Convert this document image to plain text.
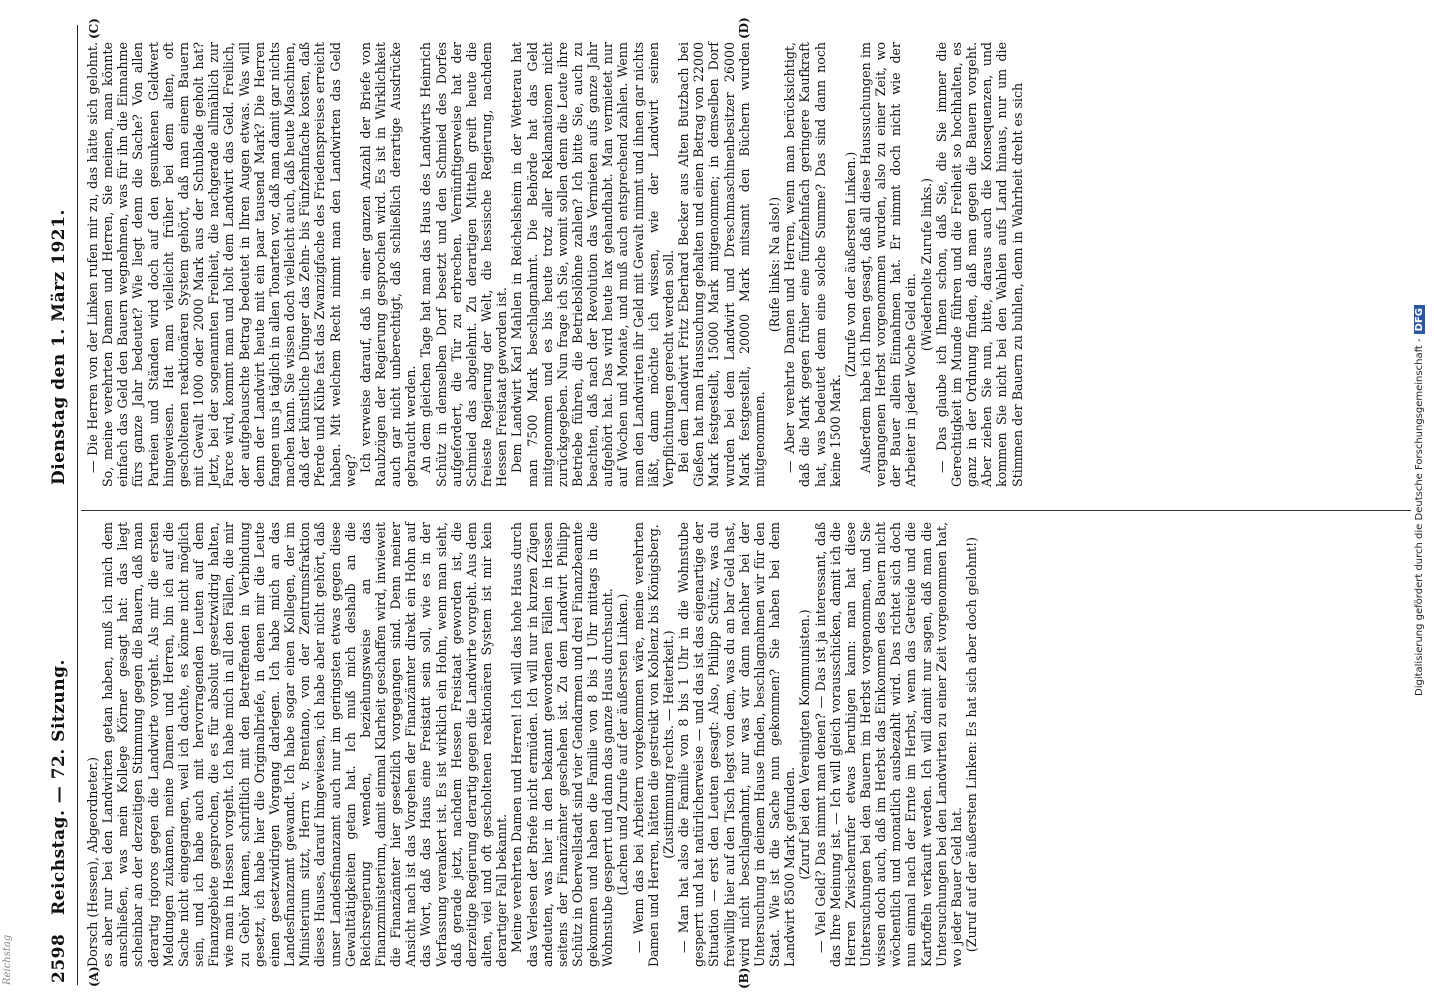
2598
Reichstag. — 72. Sitzung.
Dienstag den 1. März 1921.
(A)	(B)
(C)	(D)

Dorsch (Hessen), Abgeordneter.) es aber nur bei den Landwirten getan haben, muß ich mich dem anschließen, was mein Kollege Körner gesagt hat: das liegt scheinbar an der derzeitigen Stimmung gegen die Bauern, daß man derartig rigoros gegen die Landwirte vorgeht. Als mir die ersten Meldungen zukamen, meine Damen und Herren, bin ich auf die Sache nicht eingegangen, weil ich dachte, es könne nicht möglich sein, und ich habe auch mit hervorragenden Leuten auf dem Finanzgebiete gesprochen, die es für absolut gesetzwidrig halten, wie man in Hessen vorgeht. Ich habe mich in all den Fällen, die mir zu Gehör kamen, schriftlich mit den Betreffenden in Verbindung gesetzt, ich habe hier die Originalbriefe, in denen mir die Leute einen gesetzwidrigen Vorgang darlegen. Ich habe mich an das Landesfinanzamt gewandt. Ich habe sogar einen Kollegen, der im Ministerium sitzt, Herrn v. Brentano, von der Zentrumsfraktion dieses Hauses, darauf hingewiesen, ich habe aber nicht gehört, daß unser Landesfinanzamt auch nur im geringsten etwas gegen diese Gewalttätigkeiten getan hat. Ich muß mich deshalb an die Reichsregierung wenden, beziehungsweise an das Finanzministerium, damit einmal Klarheit geschaffen wird, inwieweit die Finanzämter hier gesetzlich vorgegangen sind. Denn meiner Ansicht nach ist das Vorgehen der Finanzämter direkt ein Hohn auf das Wort, daß das Haus eine Freistatt sein soll, wie es in der Verfassung verankert ist. Es ist wirklich ein Hohn, wenn man sieht, daß gerade jetzt, nachdem Hessen Freistaat geworden ist, die derzeitige Regierung derartig gegen die Landwirte vorgeht. Aus dem alten, viel und oft gescholtenen reaktionären System ist mir kein derartiger Fall bekannt. Meine verehrten Damen und Herren! Ich will das hohe Haus durch das Verlesen der Briefe nicht ermüden. Ich will nur in kurzen Zügen andeuten, was hier in den bekannt gewordenen Fällen in Hessen seitens der Finanzämter geschehen ist. Zu dem Landwirt Philipp Schütz in Oberwellstadt sind vier Gendarmen und drei Finanzbeamte gekommen und haben die Familie von 8 bis 1 Uhr mittags in die Wohnstube gesperrt und dann das ganze Haus durchsucht. (Lachen und Zurufe auf der äußersten Linken.) — Wenn das bei Arbeitern vorgekommen wäre, meine verehrten Damen und Herren, hätten die gestreikt von Koblenz bis Königsberg. (Zustimmung rechts. — Heiterkeit.) — Man hat also die Familie von 8 bis 1 Uhr in die Wohnstube gesperrt und hat natürlicherweise — und das ist das eigenartige der Situation — erst den Leuten gesagt: Also, Philipp Schütz, was du freiwillig hier auf den Tisch legst von dem, was du an bar Geld hast, wird nicht beschlagnahmt, nur was wir dann nachher bei der Untersuchung in deinem Hause finden, beschlagnahmen wir für den Staat. Wie ist die Sache nun gekommen? Sie haben bei dem Landwirt 8500 Mark gefunden. (Zuruf bei den Vereinigten Kommunisten.) — Viel Geld? Das nimmt man denen? — Das ist ja interessant, daß das Ihre Meinung ist. — Ich will gleich vorausschicken, damit ich die Herren Zwischenrufer etwas beruhigen kann: man hat diese Untersuchungen bei den Bauern im Herbst vorgenommen, und Sie wissen doch auch, daß im Herbst das Einkommen des Bauern nicht wöchentlich und monatlich ausbezahlt wird. Das richtet sich doch nun einmal nach der Ernte im Herbst, wenn das Getreide und die Kartoffeln verkauft werden. Ich will damit nur sagen, daß man die Untersuchungen bei den Landwirten zu einer Zeit vorgenommen hat, wo jeder Bauer Geld hat. (Zuruf auf der äußersten Linken: Es hat sich aber doch gelohnt!)

— Die Herren von der Linken rufen mir zu, das hätte sich gelohnt. So, meine verehrten Damen und Herren, Sie meinen, man könnte einfach das Geld den Bauern wegnehmen, was für ihn die Einnahme fürs ganze Jahr bedeutet? Wie liegt denn die Sache? Von allen Parteien und Ständen wird doch auf den gesunkenen Geldwert hingewiesen. Hat man vielleicht früher bei dem alten, oft gescholtenen reaktionären System gehört, daß man einem Bauern mit Gewalt 1000 oder 2000 Mark aus der Schublade geholt hat? Jetzt, bei der sogenannten Freiheit, die nachgerade allmählich zur Farce wird, kommt man und holt dem Landwirt das Geld. Freilich, der aufgebauschte Betrag bedeutet in Ihren Augen etwas. Was will denn der Landwirt heute mit ein paar tausend Mark? Die Herren fangen uns ja täglich in allen Tonarten vor, daß man damit gar nichts machen kann. Sie wissen doch vielleicht auch, daß heute Maschinen, daß der künstliche Dünger das Zehn- bis Fünfzehnfache kosten, daß Pferde und Kühe fast das Zwanzigfache des Friedenspreises erreicht haben. Mit welchem Recht nimmt man den Landwirten das Geld weg? Ich verweise darauf, daß in einer ganzen Anzahl der Briefe von Raubzügen der Regierung gesprochen wird. Es ist in Wirklichkeit auch gar nicht unberechtigt, daß schließlich derartige Ausdrücke gebraucht werden. An dem gleichen Tage hat man das Haus des Landwirts Heinrich Schütz in demselben Dorf besetzt und den Schmied des Dorfes aufgefordert, die Tür zu erbrechen. Vernünftigerweise hat der Schmied das abgelehnt. Zu derartigen Mitteln greift heute die freieste Regierung der Welt, die hessische Regierung, nachdem Hessen Freistaat geworden ist. Dem Landwirt Karl Mahlen in Reichelsheim in der Wetterau hat man 7500 Mark beschlagnahmt. Die Behörde hat das Geld mitgenommen und es bis heute trotz aller Reklamationen nicht zurückgegeben. Nun frage ich Sie, womit sollen denn die Leute ihre Betriebe führen, die Betriebslöhne zahlen? Ich bitte Sie, auch zu beachten, daß nach der Revolution das Vermieten aufs ganze Jahr aufgehört hat. Das wird heute lax gehandhabt. Man vermietet nur auf Wochen und Monate, und muß auch entsprechend zahlen. Wenn man den Landwirten ihr Geld mit Gewalt nimmt und ihnen gar nichts läßt, dann möchte ich wissen, wie der Landwirt seinen Verpflichtungen gerecht werden soll. Bei dem Landwirt Fritz Eberhard Becker aus Alten Butzbach bei Gießen hat man Haussuchung gehalten und einen Betrag von 22000 Mark festgestellt, 15000 Mark mitgenommen; in demselben Dorf wurden bei dem Landwirt und Dreschmaschinenbesitzer 26000 Mark festgestellt, 20000 Mark mitsamt den Büchern wurden mitgenommen.

(Rufe links: Na also!) — Aber verehrte Damen und Herren, wenn man berücksichtigt, daß die Mark gegen früher eine fünfzehnfach geringere Kaufkraft hat, was bedeutet denn eine solche Summe? Das sind dann noch keine 1500 Mark.

(Zurufe von der äußersten Linken.) Außerdem habe ich Ihnen gesagt, daß all diese Haussuchungen im vergangenen Herbst vorgenommen wurden, also zu einer Zeit, wo der Bauer allein Einnahmen hat. Er nimmt doch nicht wie der Arbeiter in jeder Woche Geld ein.

(Wiederholte Zurufe links.) — Das glaube ich Ihnen schon, daß Sie, die Sie immer die Gerechtigkeit im Munde führen und die Freiheit so hochhalten, es ganz in der Ordnung finden, daß man gegen die Bauern vorgeht. Aber ziehen Sie nun, bitte, daraus auch die Konsequenzen, und kommen Sie nicht bei den Wahlen aufs Land hinaus, nur um die Stimmen der Bauern zu buhlen, denn in Wahrheit dreht es sich

Reichstag
Digitalisierung gefördert durch die Deutsche Forschungsgemeinschaft -DFG
